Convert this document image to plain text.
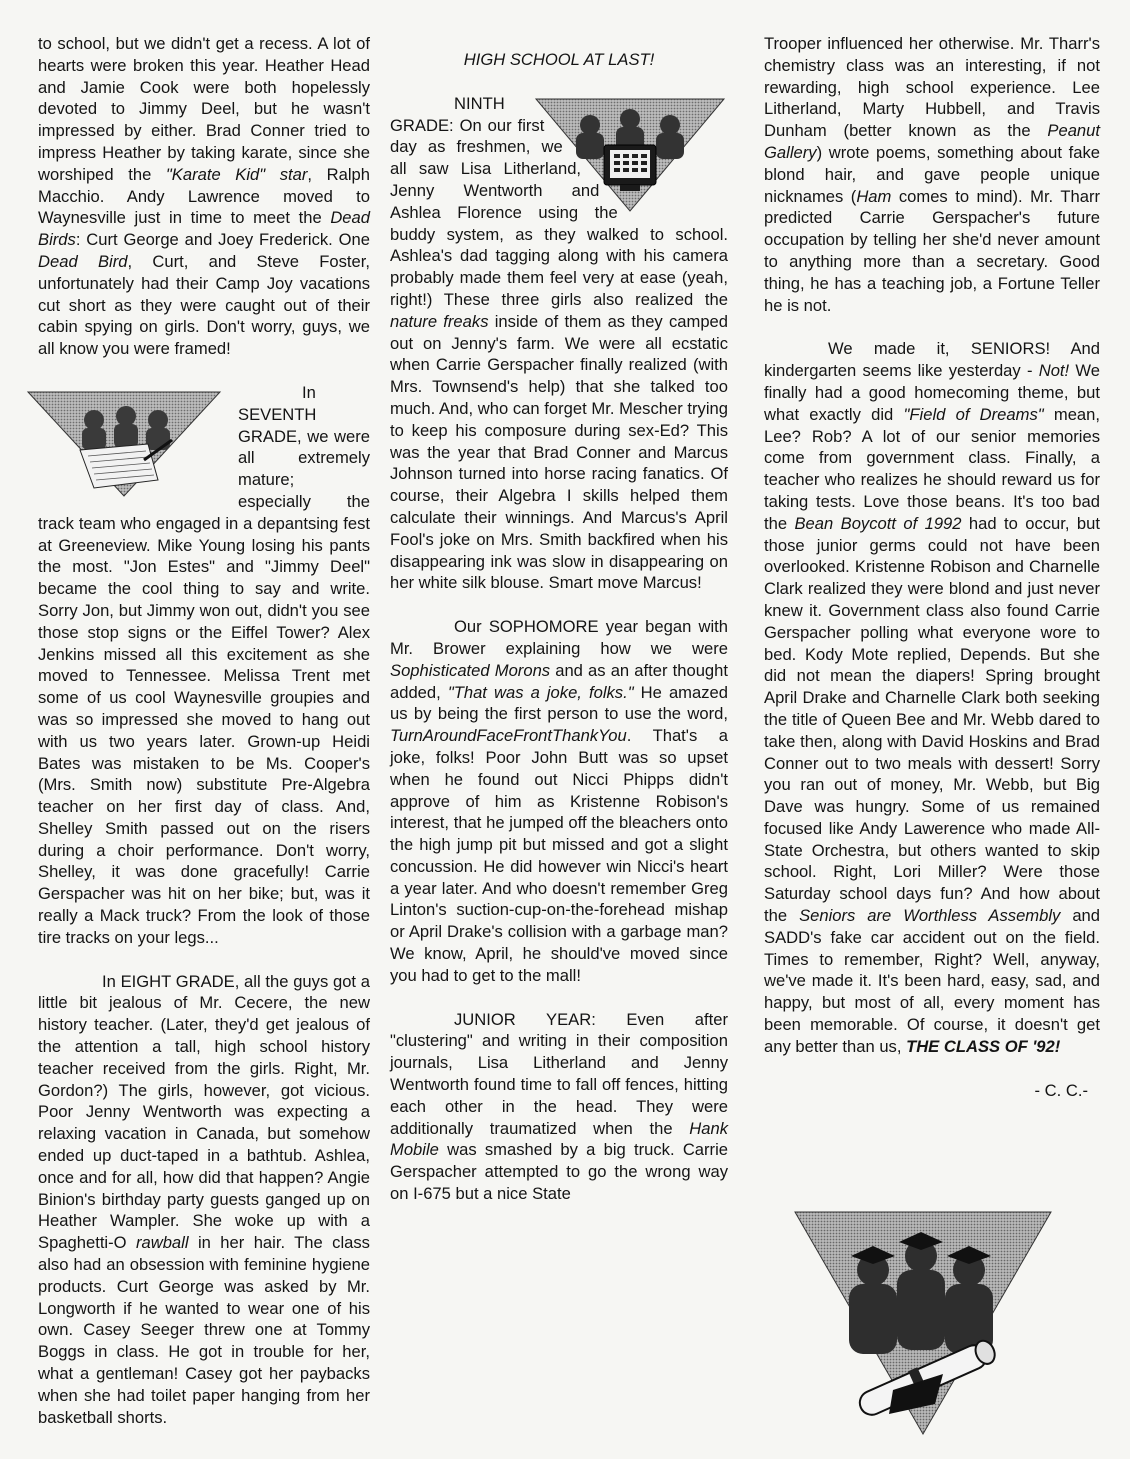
to school, but we didn't get a recess. A lot of hearts were broken this year. Heather Head and Jamie Cook were both hopelessly devoted to Jimmy Deel, but he wasn't impressed by either. Brad Conner tried to impress Heather by taking karate, since she worshiped the "Karate Kid" star, Ralph Macchio. Andy Lawrence moved to Waynesville just in time to meet the Dead Birds: Curt George and Joey Frederick. One Dead Bird, Curt, and Steve Foster, unfortunately had their Camp Joy vacations cut short as they were caught out of their cabin spying on girls. Don't worry, guys, we all know you were framed!

In SEVENTH GRADE, we were all extremely mature; especially the track team who engaged in a depantsing fest at Greeneview. Mike Young losing his pants the most. "Jon Estes" and "Jimmy Deel" became the cool thing to say and write. Sorry Jon, but Jimmy won out, didn't you see those stop signs or the Eiffel Tower? Alex Jenkins missed all this excitement as she moved to Tennessee. Melissa Trent met some of us cool Waynesville groupies and was so impressed she moved to hang out with us two years later. Grown-up Heidi Bates was mistaken to be Ms. Cooper's (Mrs. Smith now) substitute Pre-Algebra teacher on her first day of class. And, Shelley Smith passed out on the risers during a choir performance. Don't worry, Shelley, it was done gracefully! Carrie Gerspacher was hit on her bike; but, was it really a Mack truck? From the look of those tire tracks on your legs...

In EIGHT GRADE, all the guys got a little bit jealous of Mr. Cecere, the new history teacher. (Later, they'd get jealous of the attention a tall, high school history teacher received from the girls. Right, Mr. Gordon?) The girls, however, got vicious. Poor Jenny Wentworth was expecting a relaxing vacation in Canada, but somehow ended up duct-taped in a bathtub. Ashlea, once and for all, how did that happen? Angie Binion's birthday party guests ganged up on Heather Wampler. She woke up with a Spaghetti-O rawball in her hair. The class also had an obsession with feminine hygiene products. Curt George was asked by Mr. Longworth if he wanted to wear one of his own. Casey Seeger threw one at Tommy Boggs in class. He got in trouble for her, what a gentleman! Casey got her paybacks when she had toilet paper hanging from her basketball shorts.

HIGH SCHOOL AT LAST!

NINTH GRADE: On our first day as freshmen, we all saw Lisa Litherland, Jenny Wentworth and Ashlea Florence using the buddy system, as they walked to school. Ashlea's dad tagging along with his camera probably made them feel very at ease (yeah, right!) These three girls also realized the nature freaks inside of them as they camped out on Jenny's farm. We were all ecstatic when Carrie Gerspacher finally realized (with Mrs. Townsend's help) that she talked too much. And, who can forget Mr. Mescher trying to keep his composure during sex-Ed? This was the year that Brad Conner and Marcus Johnson turned into horse racing fanatics. Of course, their Algebra I skills helped them calculate their winnings. And Marcus's April Fool's joke on Mrs. Smith backfired when his disappearing ink was slow in disappearing on her white silk blouse. Smart move Marcus!

Our SOPHOMORE year began with Mr. Brower explaining how we were Sophisticated Morons and as an after thought added, "That was a joke, folks." He amazed us by being the first person to use the word, TurnAroundFaceFrontThankYou. That's a joke, folks! Poor John Butt was so upset when he found out Nicci Phipps didn't approve of him as Kristenne Robison's interest, that he jumped off the bleachers onto the high jump pit but missed and got a slight concussion. He did however win Nicci's heart a year later. And who doesn't remember Greg Linton's suction-cup-on-the-forehead mishap or April Drake's collision with a garbage man? We know, April, he should've moved since you had to get to the mall!

JUNIOR YEAR: Even after "clustering" and writing in their composition journals, Lisa Litherland and Jenny Wentworth found time to fall off fences, hitting each other in the head. They were additionally traumatized when the Hank Mobile was smashed by a big truck. Carrie Gerspacher attempted to go the wrong way on I-675 but a nice State

Trooper influenced her otherwise. Mr. Tharr's chemistry class was an interesting, if not rewarding, high school experience. Lee Litherland, Marty Hubbell, and Travis Dunham (better known as the Peanut Gallery) wrote poems, something about fake blond hair, and gave people unique nicknames (Ham comes to mind). Mr. Tharr predicted Carrie Gerspacher's future occupation by telling her she'd never amount to anything more than a secretary. Good thing, he has a teaching job, a Fortune Teller he is not.

We made it, SENIORS! And kindergarten seems like yesterday - Not! We finally had a good homecoming theme, but what exactly did "Field of Dreams" mean, Lee? Rob? A lot of our senior memories come from government class. Finally, a teacher who realizes he should reward us for taking tests. Love those beans. It's too bad the Bean Boycott of 1992 had to occur, but those junior germs could not have been overlooked. Kristenne Robison and Charnelle Clark realized they were blond and just never knew it. Government class also found Carrie Gerspacher polling what everyone wore to bed. Kody Mote replied, Depends. But she did not mean the diapers! Spring brought April Drake and Charnelle Clark both seeking the title of Queen Bee and Mr. Webb dared to take then, along with David Hoskins and Brad Conner out to two meals with dessert! Sorry you ran out of money, Mr. Webb, but Big Dave was hungry. Some of us remained focused like Andy Lawerence who made All-State Orchestra, but others wanted to skip school. Right, Lori Miller? Were those Saturday school days fun? And how about the Seniors are Worthless Assembly and SADD's fake car accident out on the field. Times to remember, Right? Well, anyway, we've made it. It's been hard, easy, sad, and happy, but most of all, every moment has been memorable. Of course, it doesn't get any better than us, THE CLASS OF '92!

- C. C.-
